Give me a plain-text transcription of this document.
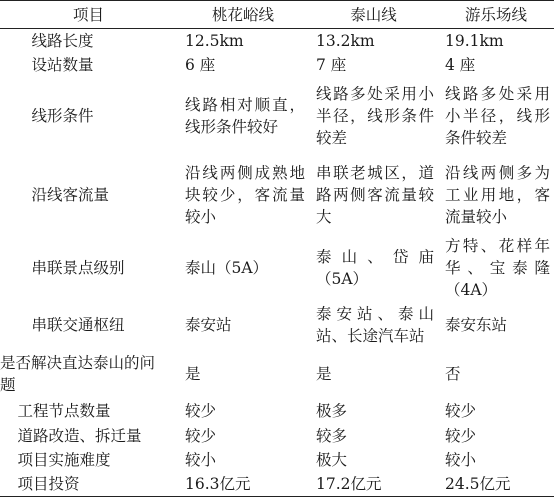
项目	桃花峪线	泰山线	游乐场线
线路长度	12.5km	13.2km	19.1km
设站数量	6 座	7 座	4 座
线形条件	线路相对顺直，线形条件较好	线路多处采用小半径，线形条件较差	线路多处采用小半径，线形条件较差
沿线客流量	沿线两侧成熟地块较少，客流量较小	串联老城区，道路两侧客流量较大	沿线两侧多为工业用地，客流量较小
串联景点级别	泰山（5A）	泰山、岱庙（5A）	方特、花样年华、宝泰隆（4A）
串联交通枢纽	泰安站	泰安站、泰山站、长途汽车站	泰安东站
是否解决直达泰山的问题	是	是	否
工程节点数量	较少	极多	较少
道路改造、拆迁量	较少	较多	较少
项目实施难度	较小	极大	较小
项目投资	16.3亿元	17.2亿元	24.5亿元
